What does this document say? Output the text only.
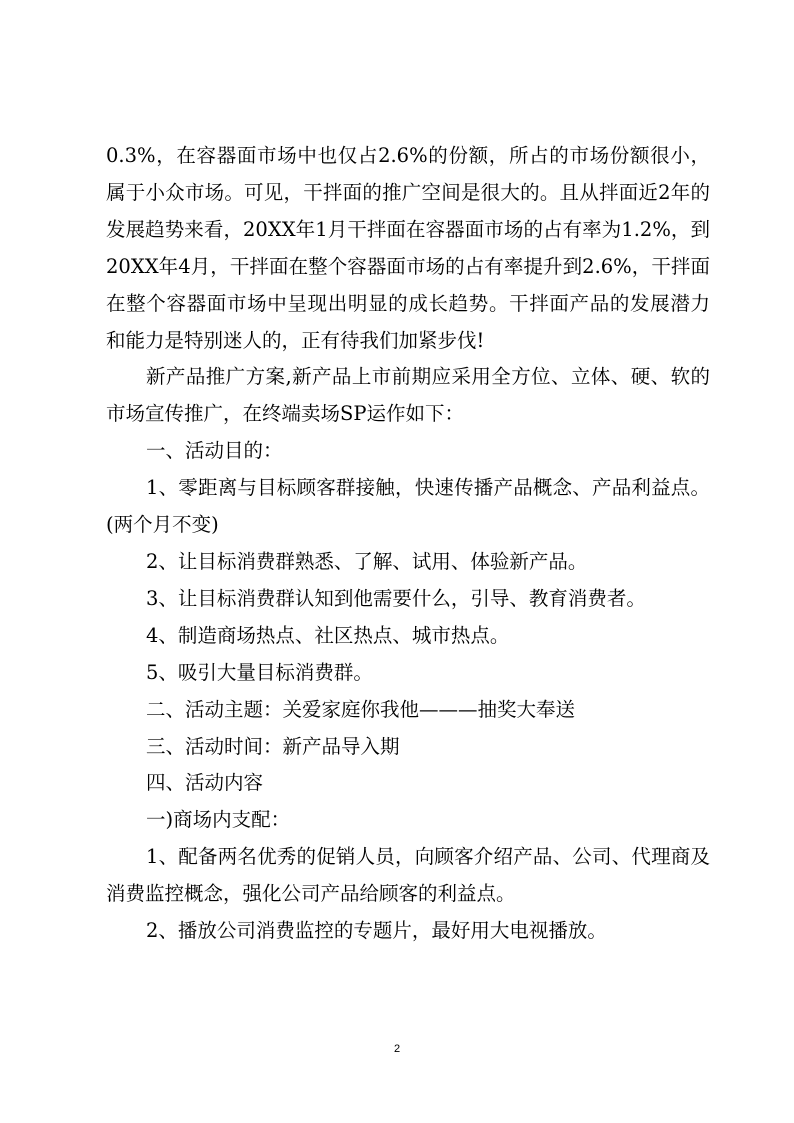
0.3%，在容器面市场中也仅占2.6%的份额，所占的市场份额很小，属于小众市场。可见，干拌面的推广空间是很大的。且从拌面近2年的发展趋势来看，20XX年1月干拌面在容器面市场的占有率为1.2%，到20XX年4月，干拌面在整个容器面市场的占有率提升到2.6%，干拌面在整个容器面市场中呈现出明显的成长趋势。干拌面产品的发展潜力和能力是特别迷人的，正有待我们加紧步伐!

新产品推广方案,新产品上市前期应采用全方位、立体、硬、软的市场宣传推广，在终端卖场SP运作如下：

一、活动目的：

1、零距离与目标顾客群接触，快速传播产品概念、产品利益点。(两个月不变)

2、让目标消费群熟悉、了解、试用、体验新产品。

3、让目标消费群认知到他需要什么，引导、教育消费者。

4、制造商场热点、社区热点、城市热点。

5、吸引大量目标消费群。

二、活动主题：关爱家庭你我他———抽奖大奉送

三、活动时间：新产品导入期

四、活动内容

一)商场内支配：

1、配备两名优秀的促销人员，向顾客介绍产品、公司、代理商及消费监控概念，强化公司产品给顾客的利益点。

2、播放公司消费监控的专题片，最好用大电视播放。

2
